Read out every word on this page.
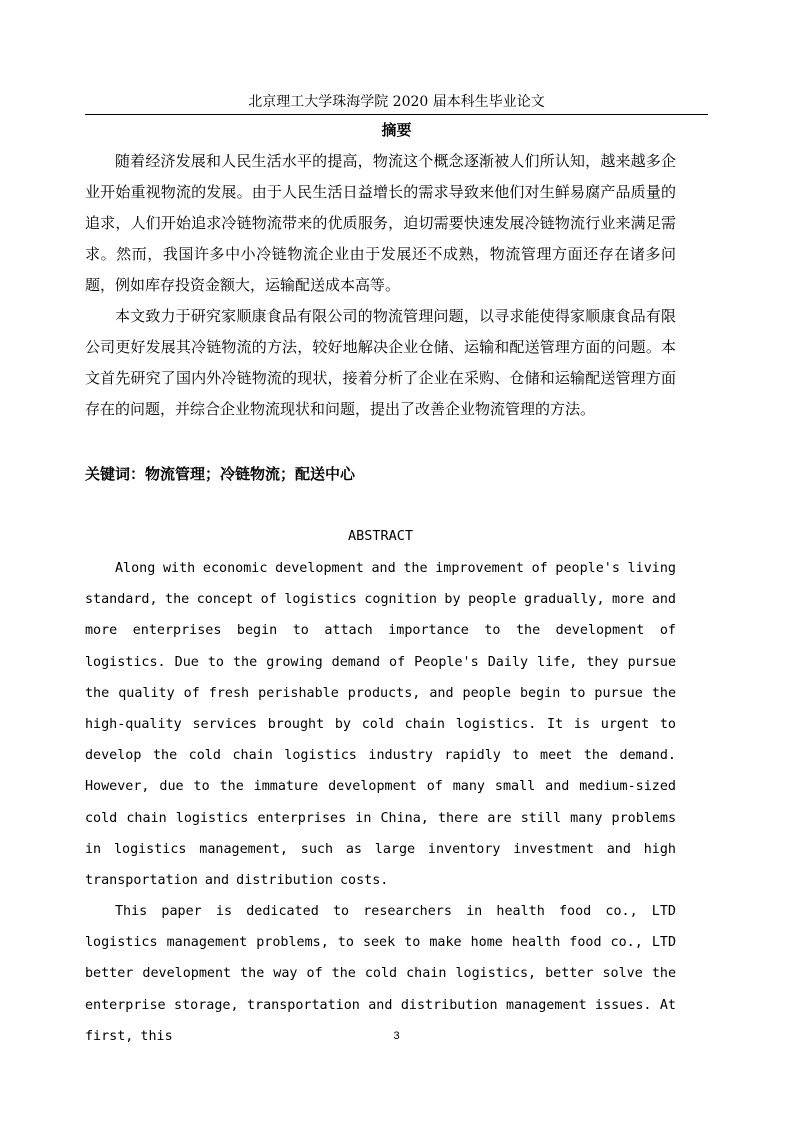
北京理工大学珠海学院 2020 届本科生毕业论文
摘要

随着经济发展和人民生活水平的提高，物流这个概念逐渐被人们所认知，越来越多企业开始重视物流的发展。由于人民生活日益增长的需求导致来他们对生鲜易腐产品质量的追求，人们开始追求冷链物流带来的优质服务，迫切需要快速发展冷链物流行业来满足需求。然而，我国许多中小冷链物流企业由于发展还不成熟，物流管理方面还存在诸多问题，例如库存投资金额大，运输配送成本高等。

本文致力于研究家顺康食品有限公司的物流管理问题，以寻求能使得家顺康食品有限公司更好发展其冷链物流的方法，较好地解决企业仓储、运输和配送管理方面的问题。本文首先研究了国内外冷链物流的现状，接着分析了企业在采购、仓储和运输配送管理方面存在的问题，并综合企业物流现状和问题，提出了改善企业物流管理的方法。

关键词：物流管理；冷链物流；配送中心
ABSTRACT

Along with economic development and the improvement of people's living standard, the concept of logistics cognition by people gradually, more and more enterprises begin to attach importance to the development of logistics. Due to the growing demand of People's Daily life, they pursue the quality of fresh perishable products, and people begin to pursue the high-quality services brought by cold chain logistics. It is urgent to develop the cold chain logistics industry rapidly to meet the demand. However, due to the immature development of many small and medium-sized cold chain logistics enterprises in China, there are still many problems in logistics management, such as large inventory investment and high transportation and distribution costs.

This paper is dedicated to researchers in health food co., LTD logistics management problems, to seek to make home health food co., LTD better development the way of the cold chain logistics, better solve the enterprise storage, transportation and distribution management issues. At first, this	3
